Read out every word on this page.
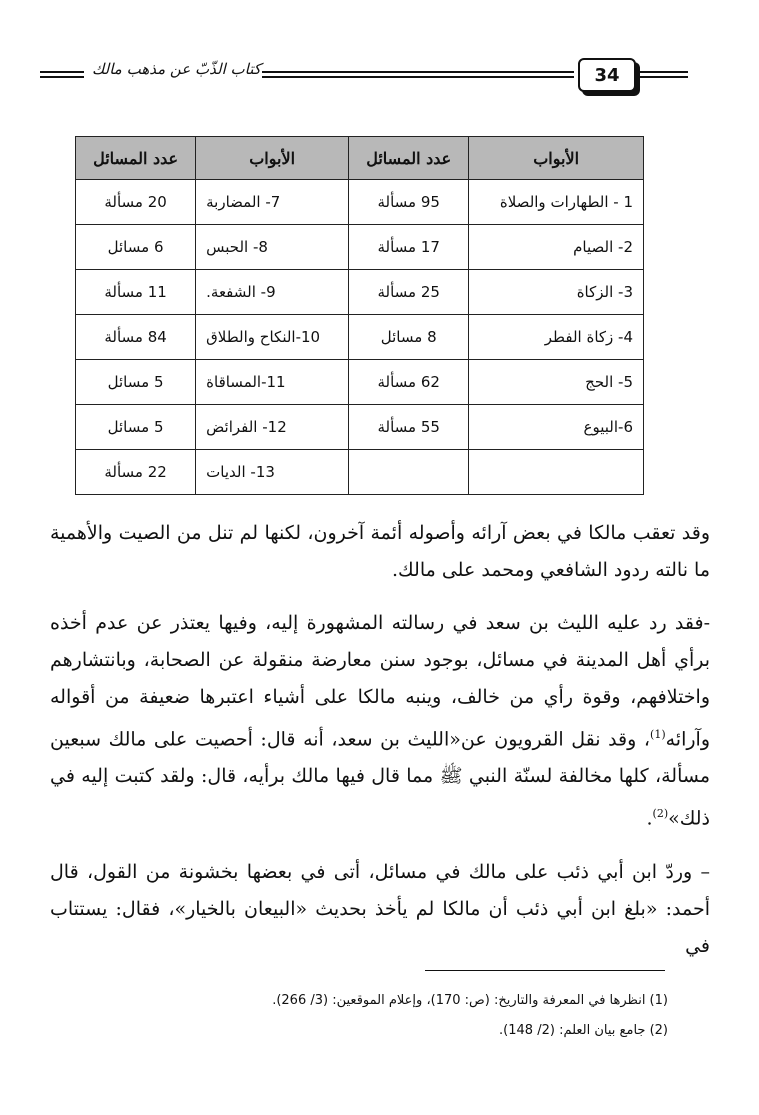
كتاب الذّبّ عن مذهب مالك	34
الأبواب	عدد المسائل	الأبواب	عدد المسائل
1 - الطهارات والصلاة	95 مسألة	7- المضاربة	20 مسألة
2- الصيام	17 مسألة	8- الحبس	6 مسائل
3- الزكاة	25 مسألة	9- الشفعة.	11 مسألة
4- زكاة الفطر	8 مسائل	10-النكاح والطلاق	84 مسألة
5- الحج	62 مسألة	11-المساقاة	5 مسائل
6-البيوع	55 مسألة	12- الفرائض	5 مسائل
		13- الديات	22 مسألة

وقد تعقب مالكا في بعض آرائه وأصوله أئمة آخرون، لكنها لم تنل من الصيت والأهمية ما نالته ردود الشافعي ومحمد على مالك.

-فقد رد عليه الليث بن سعد في رسالته المشهورة إليه، وفيها يعتذر عن عدم أخذه برأي أهل المدينة في مسائل، بوجود سنن معارضة منقولة عن الصحابة، وبانتشارهم واختلافهم، وقوة رأي من خالف، وينبه مالكا على أشياء اعتبرها ضعيفة من أقواله وآرائه$^{(1)}$، وقد نقل القرويون عن«الليث بن سعد، أنه قال: أحصيت على مالك سبعين مسألة، كلها مخالفة لسنّة النبي ﷺ مما قال فيها مالك برأيه، قال: ولقد كتبت إليه في ذلك»$^{(2)}$.

– وردّ ابن أبي ذئب على مالك في مسائل، أتى في بعضها بخشونة من القول، قال أحمد: «بلغ ابن أبي ذئب أن مالكا لم يأخذ بحديث «البيعان بالخيار»، فقال: يستتاب في

(1) انظرها في المعرفة والتاريخ: (ص: 170)، وإعلام الموقعين: (3/ 266).
(2) جامع بيان العلم: (2/ 148).
